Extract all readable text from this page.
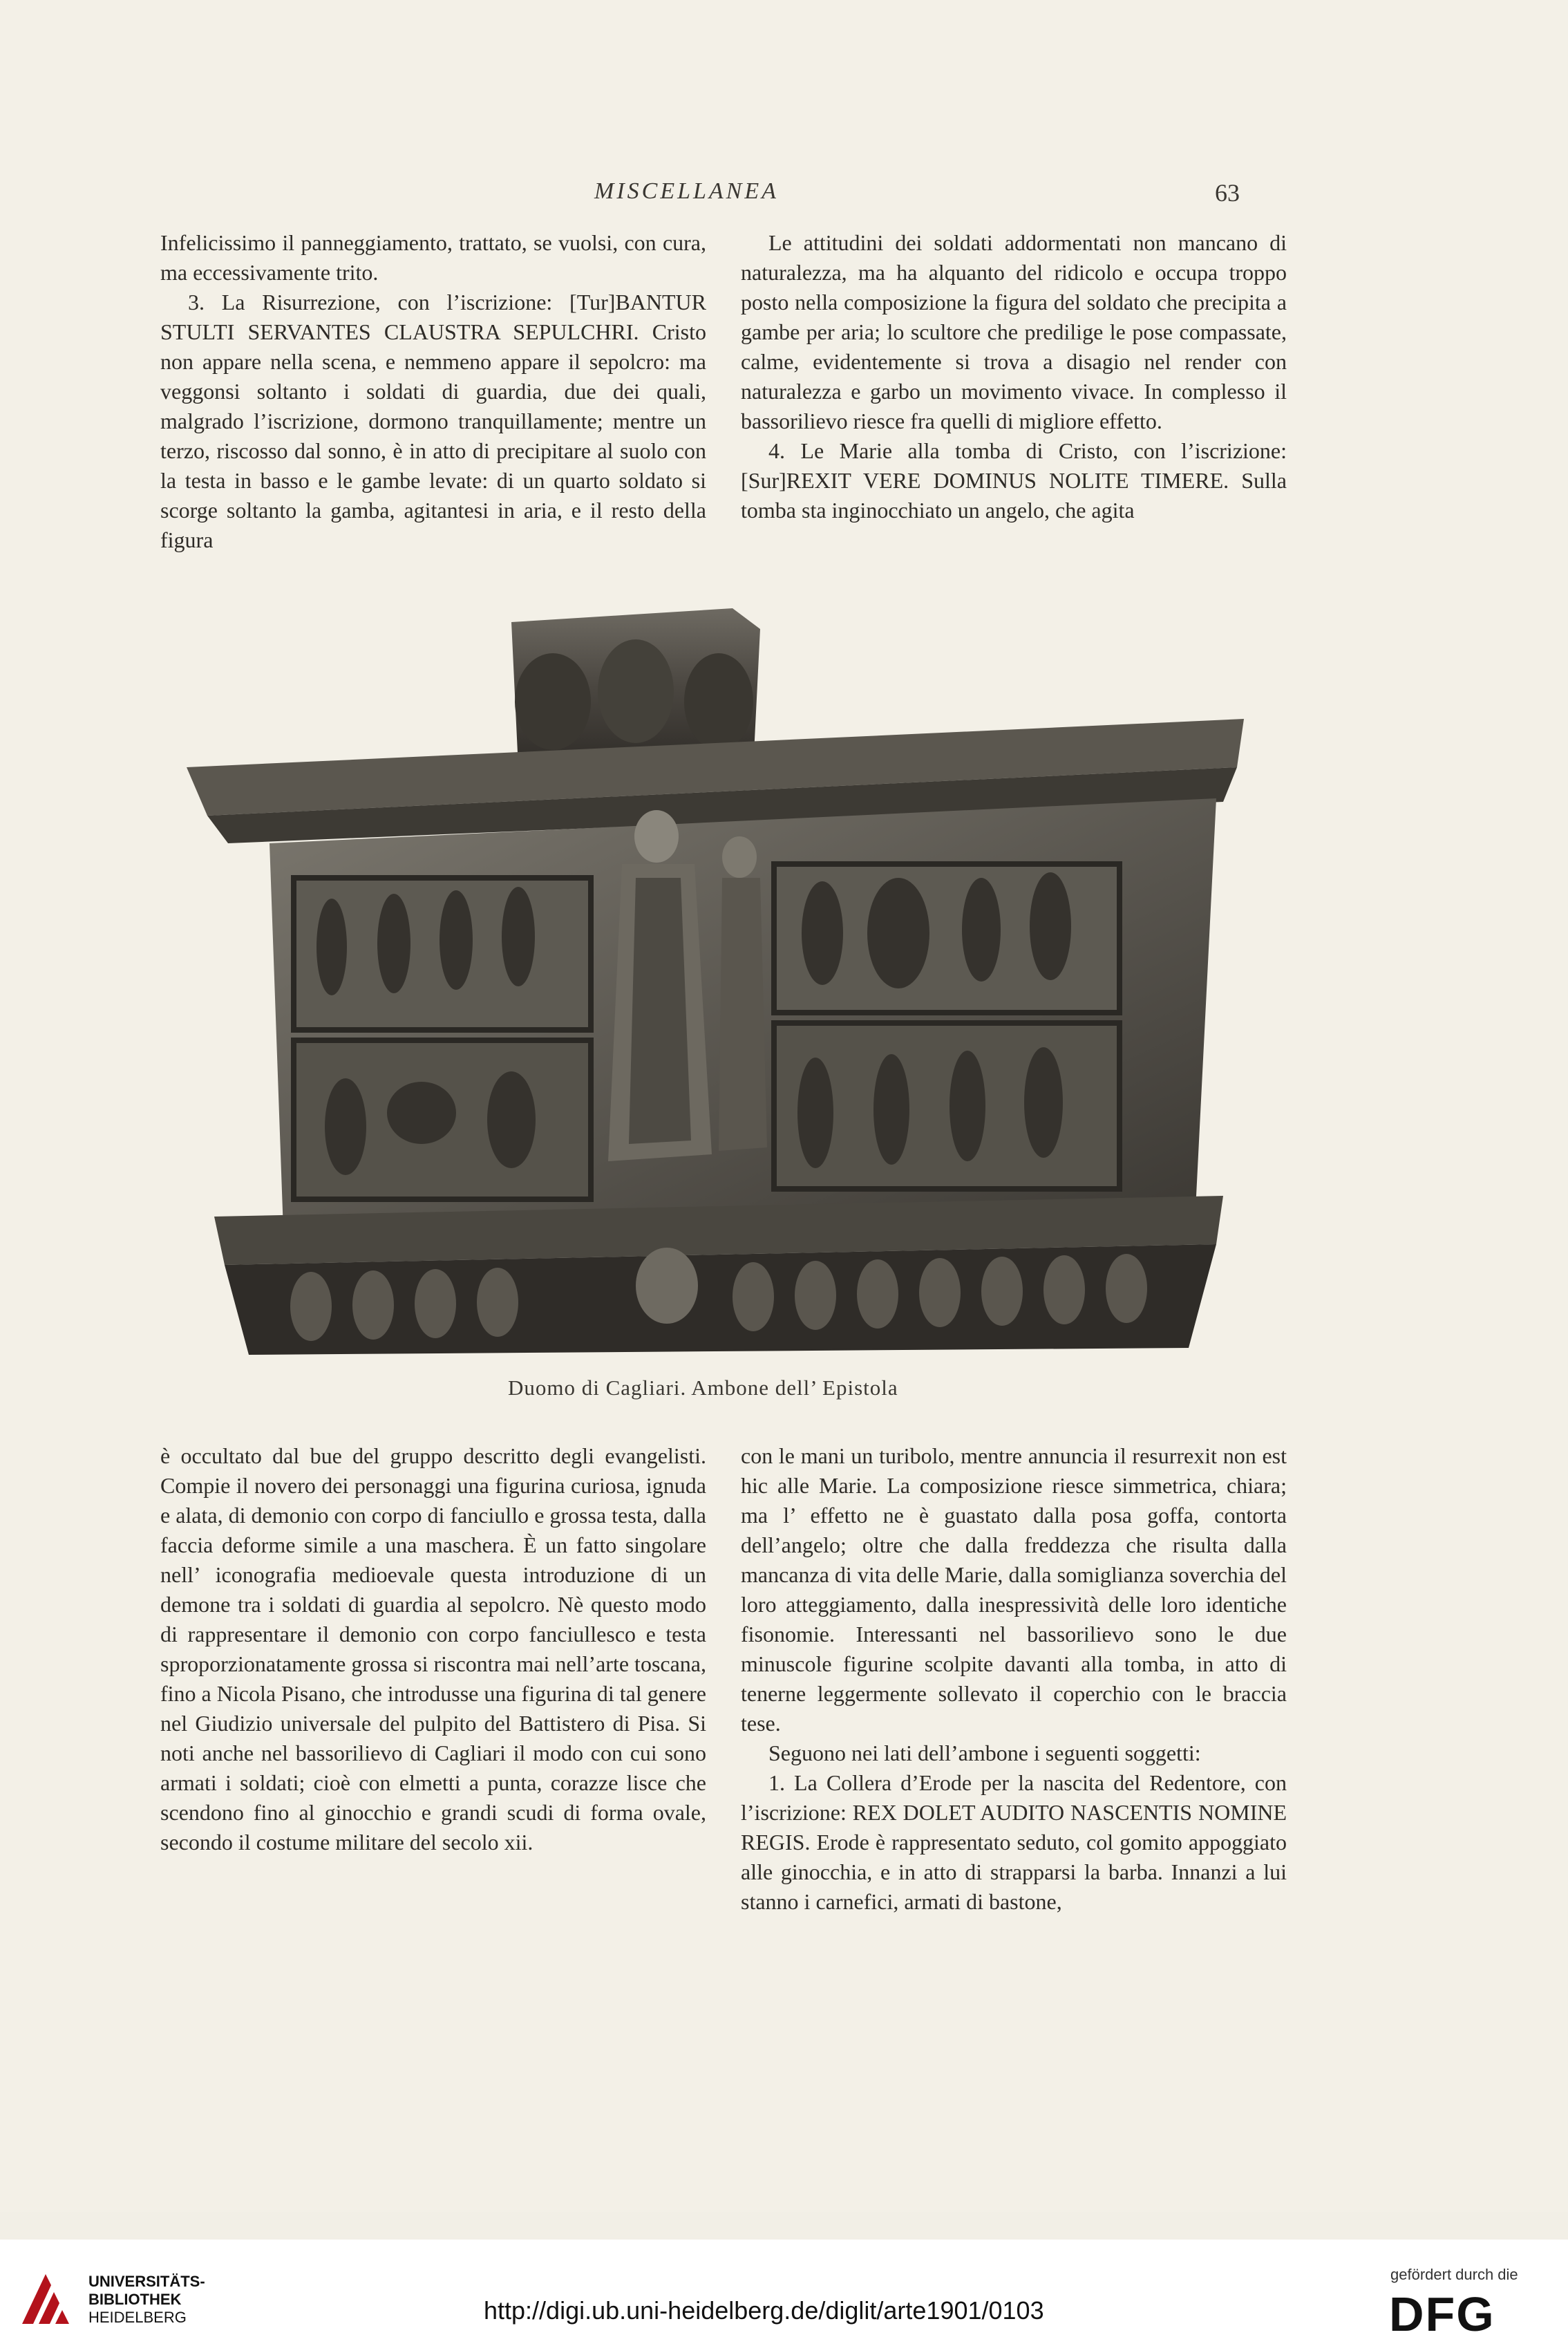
MISCELLANEA	63

Infelicissimo il panneggiamento, trattato, se vuolsi, con cura, ma eccessivamente trito.

3. La Risurrezione, con l’iscrizione: [Tur]BANTUR STULTI SERVANTES CLAUSTRA SEPULCHRI. Cristo non appare nella scena, e nemmeno appare il sepolcro: ma veggonsi soltanto i soldati di guardia, due dei quali, malgrado l’iscrizione, dormono tranquillamente; mentre un terzo, riscosso dal sonno, è in atto di precipitare al suolo con la testa in basso e le gambe levate: di un quarto soldato si scorge soltanto la gamba, agitantesi in aria, e il resto della figura

Le attitudini dei soldati addormentati non mancano di naturalezza, ma ha alquanto del ridicolo e occupa troppo posto nella composizione la figura del soldato che precipita a gambe per aria; lo scultore che predilige le pose compassate, calme, evidentemente si trova a disagio nel render con naturalezza e garbo un movimento vivace. In complesso il bassorilievo riesce fra quelli di migliore effetto.

4. Le Marie alla tomba di Cristo, con l’iscrizione: [Sur]REXIT VERE DOMINUS NOLITE TIMERE. Sulla tomba sta inginocchiato un angelo, che agita

Duomo di Cagliari. Ambone dell’ Epistola

è occultato dal bue del gruppo descritto degli evangelisti. Compie il novero dei personaggi una figurina curiosa, ignuda e alata, di demonio con corpo di fanciullo e grossa testa, dalla faccia deforme simile a una maschera. È un fatto singolare nell’ iconografia medioevale questa introduzione di un demone tra i soldati di guardia al sepolcro. Nè questo modo di rappresentare il demonio con corpo fanciullesco e testa sproporzionatamente grossa si riscontra mai nell’arte toscana, fino a Nicola Pisano, che introdusse una figurina di tal genere nel Giudizio universale del pulpito del Battistero di Pisa. Si noti anche nel bassorilievo di Cagliari il modo con cui sono armati i soldati; cioè con elmetti a punta, corazze lisce che scendono fino al ginocchio e grandi scudi di forma ovale, secondo il costume militare del secolo xii.

con le mani un turibolo, mentre annuncia il resurrexit non est hic alle Marie. La composizione riesce simmetrica, chiara; ma l’ effetto ne è guastato dalla posa goffa, contorta dell’angelo; oltre che dalla freddezza che risulta dalla mancanza di vita delle Marie, dalla somiglianza soverchia del loro atteggiamento, dalla inespressività delle loro identiche fisonomie. Interessanti nel bassorilievo sono le due minuscole figurine scolpite davanti alla tomba, in atto di tenerne leggermente sollevato il coperchio con le braccia tese.

Seguono nei lati dell’ambone i seguenti soggetti:

1. La Collera d’Erode per la nascita del Redentore, con l’iscrizione: REX DOLET AUDITO NASCENTIS NOMINE REGIS. Erode è rappresentato seduto, col gomito appoggiato alle ginocchia, e in atto di strapparsi la barba. Innanzi a lui stanno i carnefici, armati di bastone,

UNIVERSITÄTS-
BIBLIOTHEK
HEIDELBERG	http://digi.ub.uni-heidelberg.de/diglit/arte1901/0103
gefördert durch die
DFG
